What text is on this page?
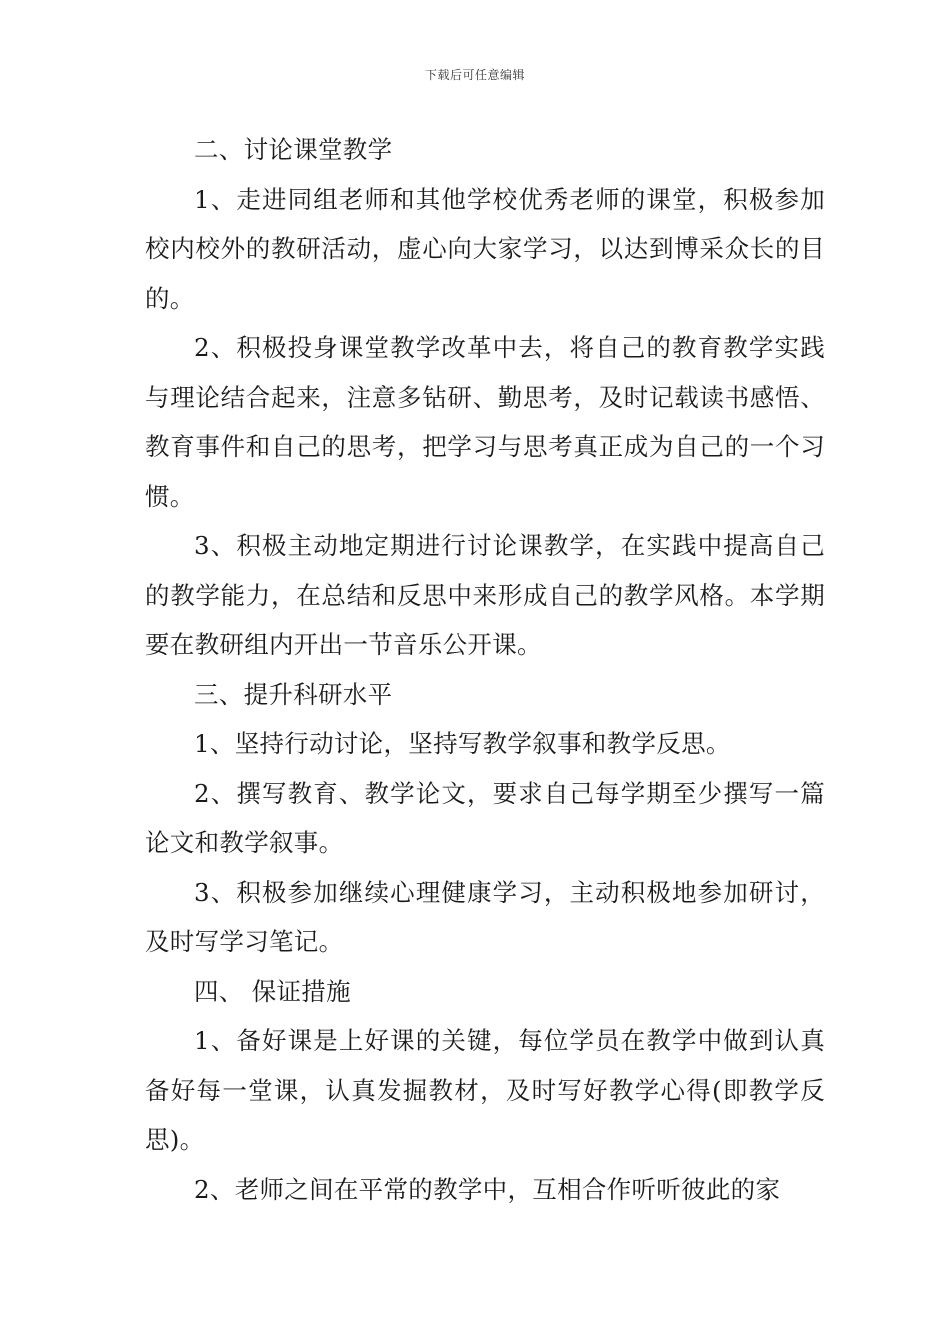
下载后可任意编辑

二、讨论课堂教学

1、走进同组老师和其他学校优秀老师的课堂，积极参加校内校外的教研活动，虚心向大家学习，以达到博采众长的目的。

2、积极投身课堂教学改革中去，将自己的教育教学实践与理论结合起来，注意多钻研、勤思考，及时记载读书感悟、教育事件和自己的思考，把学习与思考真正成为自己的一个习惯。

3、积极主动地定期进行讨论课教学，在实践中提高自己的教学能力，在总结和反思中来形成自己的教学风格。本学期要在教研组内开出一节音乐公开课。

三、提升科研水平

1、坚持行动讨论，坚持写教学叙事和教学反思。

2、撰写教育、教学论文，要求自己每学期至少撰写一篇论文和教学叙事。

3、积极参加继续心理健康学习，主动积极地参加研讨，及时写学习笔记。

四、 保证措施

1、备好课是上好课的关键，每位学员在教学中做到认真备好每一堂课，认真发掘教材，及时写好教学心得(即教学反思)。

2、老师之间在平常的教学中，互相合作听听彼此的家
